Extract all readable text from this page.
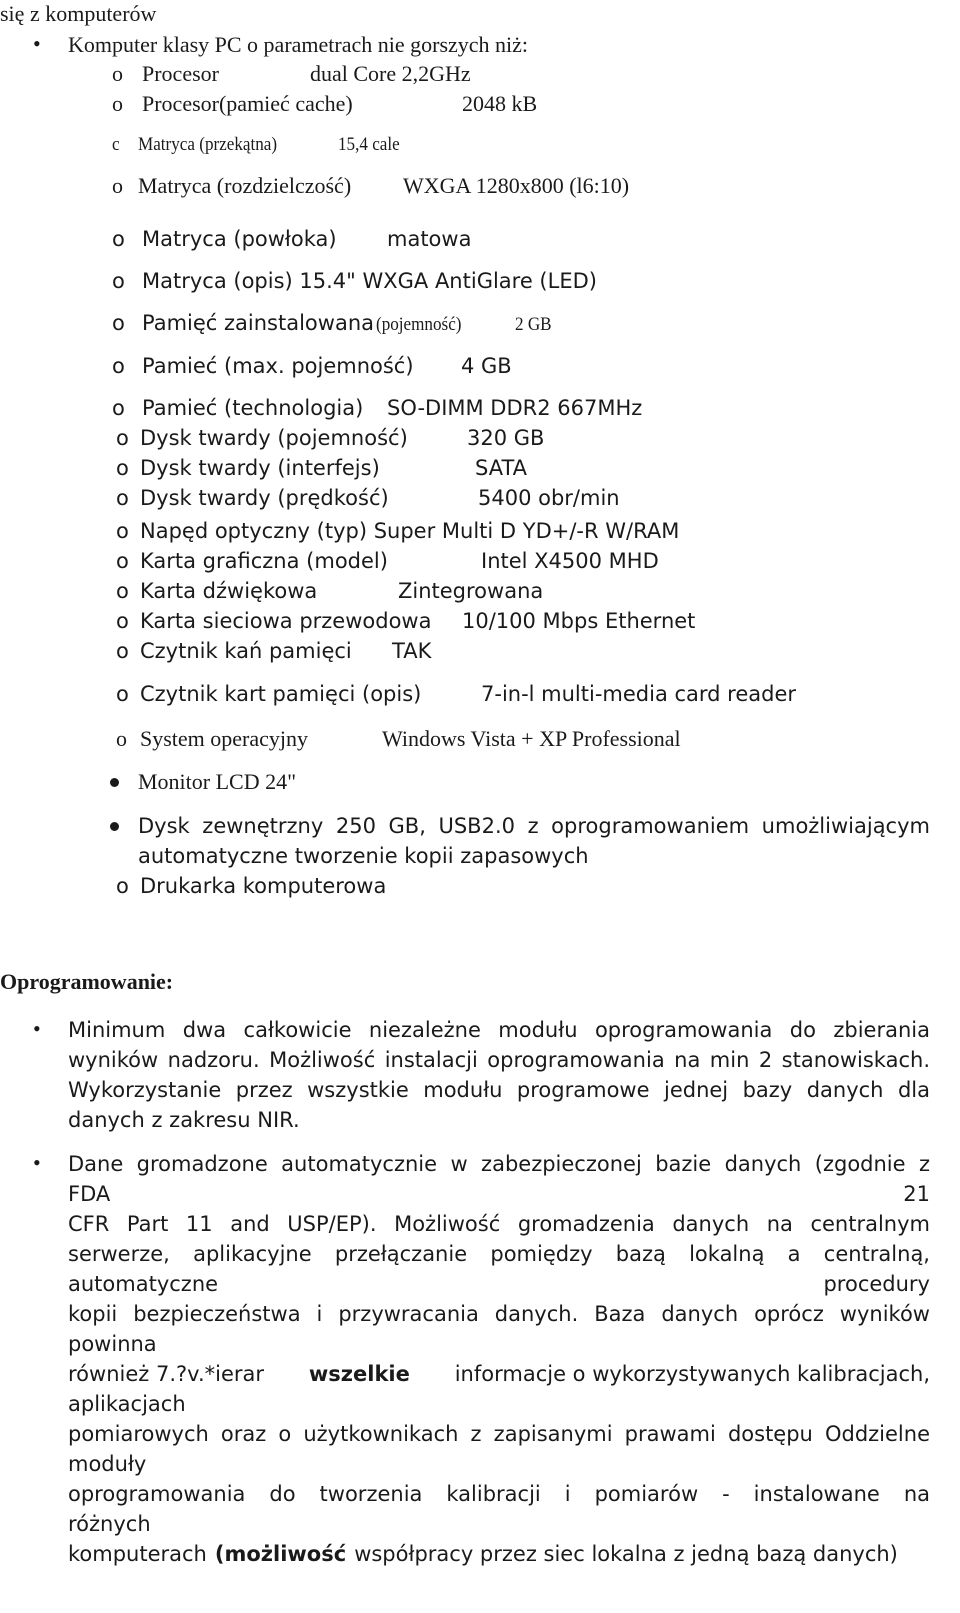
się z komputerów
• Komputer klasy PC o parametrach nie gorszych niż:
o Procesor	dual Core 2,2GHz
o Procesor(pamieć cache)	2048 kB
c Matryca (przekątna)	15,4 cale
o Matryca (rozdzielczość) WXGA 1280x800 (l6:10)
o Matryca (powłoka) matowa
o Matryca (opis) 15.4" WXGA AntiGlare (LED)
o Pamięć zainstalowana (pojemność)	2 GB
o Pamieć (max. pojemność) 4 GB
o Pamieć (technologia) SO-DIMM DDR2 667MHz
o Dysk twardy (pojemność)	320 GB
o Dysk twardy (interfejs)	SATA
o Dysk twardy (prędkość)	5400 obr/min
o Napęd optyczny (typ) Super Multi D YD+/-R W/RAM
o Karta graficzna (model)	Intel X4500 MHD
o Karta dźwiękowa	Zintegrowana
o Karta sieciowa przewodowa 10/100 Mbps Ethernet
o Czytnik kań pamięci TAK
o Czytnik kart pamięci (opis)	7-in-l multi-media card reader
o System operacyjny	Windows Vista + XP Professional
Monitor LCD 24"
Dysk zewnętrzny 250 GB, USB2.0 z oprogramowaniem umożliwiającym
automatyczne tworzenie kopii zapasowych
o Drukarka komputerowa
Oprogramowanie:
• Minimum dwa całkowicie niezależne modułu oprogramowania do zbierania
wyników nadzoru. Możliwość instalacji oprogramowania na min 2 stanowiskach.
Wykorzystanie przez wszystkie modułu programowe jednej bazy danych dla
danych z zakresu NIR.
• Dane gromadzone automatycznie w zabezpieczonej bazie danych (zgodnie z
FDA 21
CFR Part 11 and USP/EP). Możliwość gromadzenia danych na centralnym
serwerze, aplikacyjne przełączanie pomiędzy bazą lokalną a centralną,
automatyczne procedury
kopii bezpieczeństwa i przywracania danych. Baza danych oprócz wyników
powinna
również 7.?v.*ierar wszelkie informacje o wykorzystywanych kalibracjach,
aplikacjach
pomiarowych oraz o użytkownikach z zapisanymi prawami dostępu Oddzielne
moduły
oprogramowania do tworzenia kalibracji i pomiarów - instalowane na
różnych
komputerach (możliwość współpracy przez siec lokalna z jedną bazą danych)
